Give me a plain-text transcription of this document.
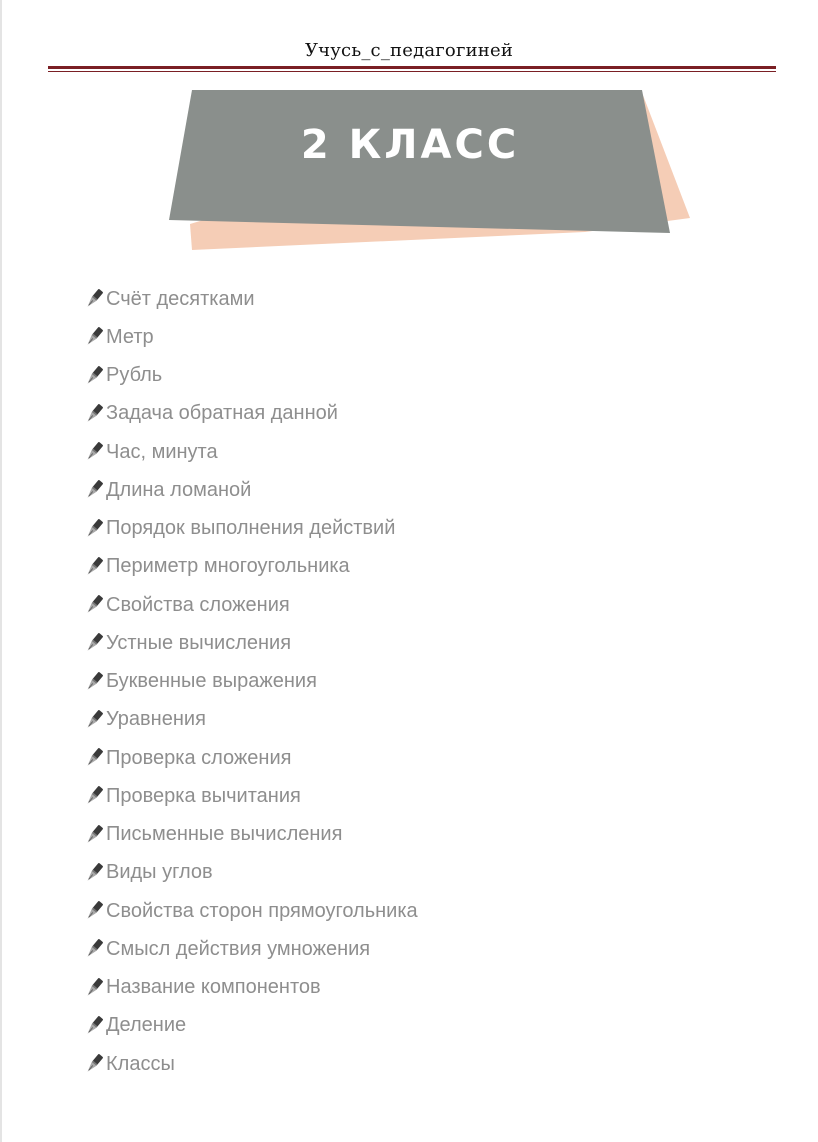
Учусь_с_педагогиней
2 КЛАСС
Счёт десятками
Метр
Рубль
Задача обратная данной
Час, минута
Длина ломаной
Порядок выполнения действий
Периметр многоугольника
Свойства сложения
Устные вычисления
Буквенные выражения
Уравнения
Проверка сложения
Проверка вычитания
Письменные вычисления
Виды углов
Свойства сторон прямоугольника
Смысл действия умножения
Название компонентов
Деление
Классы
